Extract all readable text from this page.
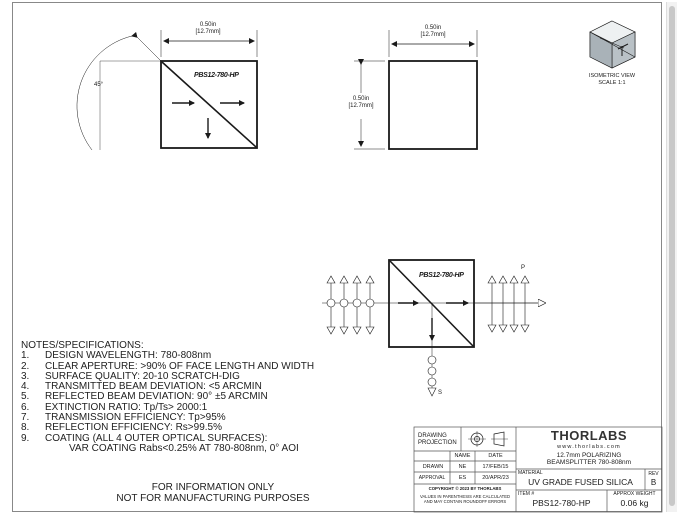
0.50in
[12.7mm]
45°
PBS12-780-HP
0.50in
[12.7mm]
0.50in
[12.7mm]
ISOMETRIC VIEW
SCALE 1:1
PBS12-780-HP
P
S
NOTES/SPECIFICATIONS:
1.	DESIGN WAVELENGTH: 780-808nm
2.	CLEAR APERTURE: >90% OF FACE LENGTH AND WIDTH
3.	SURFACE QUALITY: 20-10 SCRATCH-DIG
4.	TRANSMITTED BEAM DEVIATION: <5 ARCMIN
5.	REFLECTED BEAM DEVIATION: 90° ±5 ARCMIN
6.	EXTINCTION RATIO: Tp/Ts> 2000:1
7.	TRANSMISSION EFFICIENCY: Tp>95%
8.	REFLECTION EFFICIENCY: Rs>99.5%
9.	COATING (ALL 4 OUTER OPTICAL SURFACES):
VAR COATING Rabs<0.25% AT 780-808nm, 0° AOI
FOR INFORMATION ONLY
NOT FOR MANUFACTURING PURPOSES
DRAWING PROJECTION
NAME	DATE
DRAWN	NE	17/FEB/15
APPROVAL	ES	20/APR/23
COPYRIGHT © 2023 BY THORLABS
VALUES IN PARENTHESIS ARE CALCULATED AND MAY CONTAIN ROUNDOFF ERRORS
THORLABS
www.thorlabs.com
12.7mm POLARIZING
BEAMSPLITTER 780-808nm
MATERIAL
UV GRADE FUSED SILICA
REV
B
ITEM #
PBS12-780-HP
APPROX WEIGHT
0.06 kg
